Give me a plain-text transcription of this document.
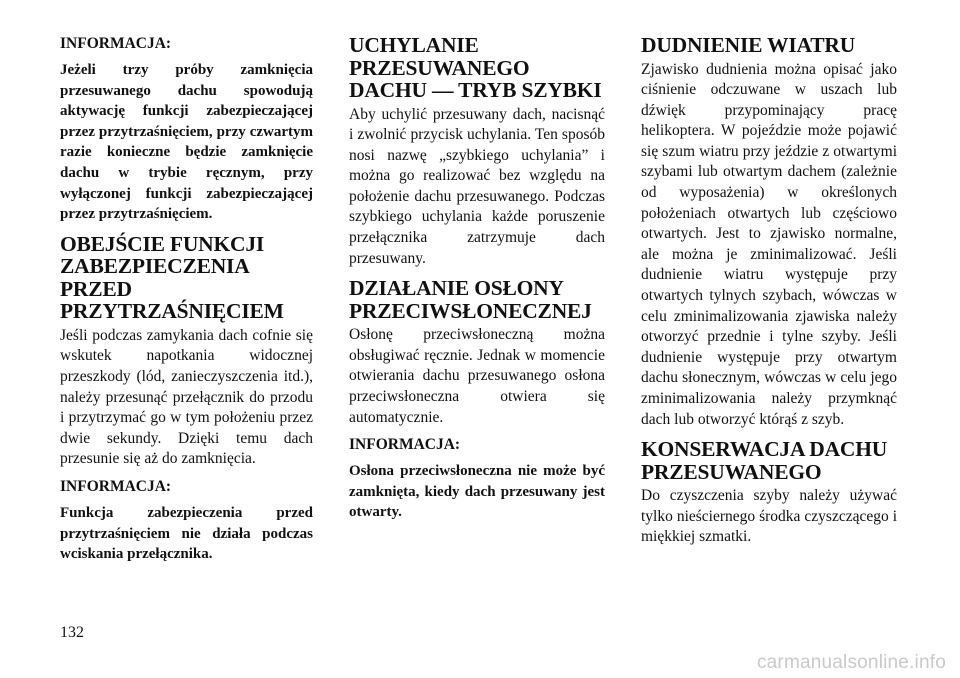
INFORMACJA:
Jeżeli trzy próby zamknięcia przesuwanego dachu spowodują aktywację funkcji zabezpieczającej przez przytrzaśnięciem, przy czwartym razie konieczne będzie zamknięcie dachu w trybie ręcznym, przy wyłączonej funkcji zabezpieczającej przez przytrzaśnięciem.
OBEJŚCIE FUNKCJI ZABEZPIECZENIA PRZED PRZYTRZAŚNIĘCIEM

Jeśli podczas zamykania dach cofnie się wskutek napotkania widocznej przeszkody (lód, zanieczyszczenia itd.), należy przesunąć przełącznik do przodu i przytrzymać go w tym położeniu przez dwie sekundy. Dzięki temu dach przesunie się aż do zamknięcia.

INFORMACJA:
Funkcja zabezpieczenia przed przytrzaśnięciem nie działa podczas wciskania przełącznika.
UCHYLANIE PRZESUWANEGO DACHU — TRYB SZYBKI

Aby uchylić przesuwany dach, nacisnąć i zwolnić przycisk uchylania. Ten sposób nosi nazwę „szybkiego uchylania” i można go realizować bez względu na położenie dachu przesuwanego. Podczas szybkiego uchylania każde poruszenie przełącznika zatrzymuje dach przesuwany.

DZIAŁANIE OSŁONY PRZECIWSŁONECZNEJ

Osłonę przeciwsłoneczną można obsługiwać ręcznie. Jednak w momencie otwierania dachu przesuwanego osłona przeciwsłoneczna otwiera się automatycznie.

INFORMACJA:
Osłona przeciwsłoneczna nie może być zamknięta, kiedy dach przesuwany jest otwarty.
DUDNIENIE WIATRU

Zjawisko dudnienia można opisać jako ciśnienie odczuwane w uszach lub dźwięk przypominający pracę helikoptera. W pojeździe może pojawić się szum wiatru przy jeździe z otwartymi szybami lub otwartym dachem (zależnie od wyposażenia) w określonych położeniach otwartych lub częściowo otwartych. Jest to zjawisko normalne, ale można je zminimalizować. Jeśli dudnienie wiatru występuje przy otwartych tylnych szybach, wówczas w celu zminimalizowania zjawiska należy otworzyć przednie i tylne szyby. Jeśli dudnienie występuje przy otwartym dachu słonecznym, wówczas w celu jego zminimalizowania należy przymknąć dach lub otworzyć którąś z szyb.

KONSERWACJA DACHU PRZESUWANEGO

Do czyszczenia szyby należy używać tylko nieściernego środka czyszczącego i miękkiej szmatki.

132
carmanualsonline.info
